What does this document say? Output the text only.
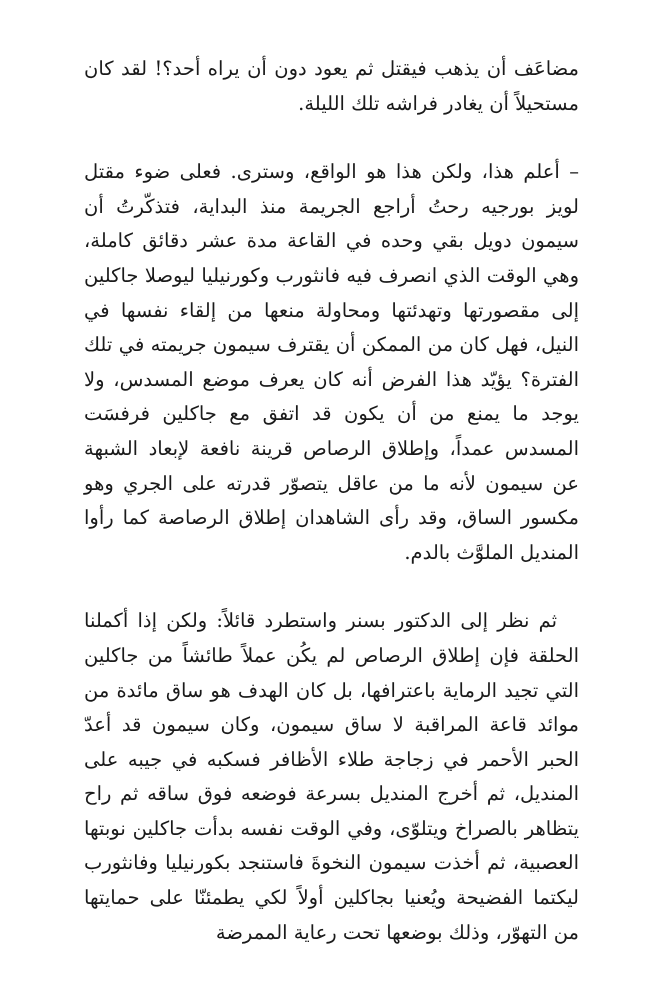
مضاعَف أن يذهب فيقتل ثم يعود دون أن يراه أحد؟! لقد كان مستحيلاً أن يغادر فراشه تلك الليلة.

– أعلم هذا، ولكن هذا هو الواقع، وسترى. فعلى ضوء مقتل لويز بورجيه رحتُ أراجع الجريمة منذ البداية، فتذكّرتُ أن سيمون دويل بقي وحده في القاعة مدة عشر دقائق كاملة، وهي الوقت الذي انصرف فيه فانثورب وكورنيليا ليوصلا جاكلين إلى مقصورتها وتهدئتها ومحاولة منعها من إلقاء نفسها في النيل، فهل كان من الممكن أن يقترف سيمون جريمته في تلك الفترة؟ يؤيّد هذا الفرض أنه كان يعرف موضع المسدس، ولا يوجد ما يمنع من أن يكون قد اتفق مع جاكلين فرفسَت المسدس عمداً، وإطلاق الرصاص قرينة نافعة لإبعاد الشبهة عن سيمون لأنه ما من عاقل يتصوّر قدرته على الجري وهو مكسور الساق، وقد رأى الشاهدان إطلاق الرصاصة كما رأوا المنديل الملوَّث بالدم.

ثم نظر إلى الدكتور بسنر واستطرد قائلاً: ولكن إذا أكملنا الحلقة فإن إطلاق الرصاص لم يكُن عملاً طائشاً من جاكلين التي تجيد الرماية باعترافها، بل كان الهدف هو ساق مائدة من موائد قاعة المراقبة لا ساق سيمون، وكان سيمون قد أعدّ الحبر الأحمر في زجاجة طلاء الأظافر فسكبه في جيبه على المنديل، ثم أخرج المنديل بسرعة فوضعه فوق ساقه ثم راح يتظاهر بالصراخ ويتلوّى، وفي الوقت نفسه بدأت جاكلين نوبتها العصبية، ثم أخذت سيمون النخوةَ فاستنجد بكورنيليا وفانثورب ليكتما الفضيحة ويُعنيا بجاكلين أولاً لكي يطمئنّا على حمايتها من التهوّر، وذلك بوضعها تحت رعاية الممرضة
